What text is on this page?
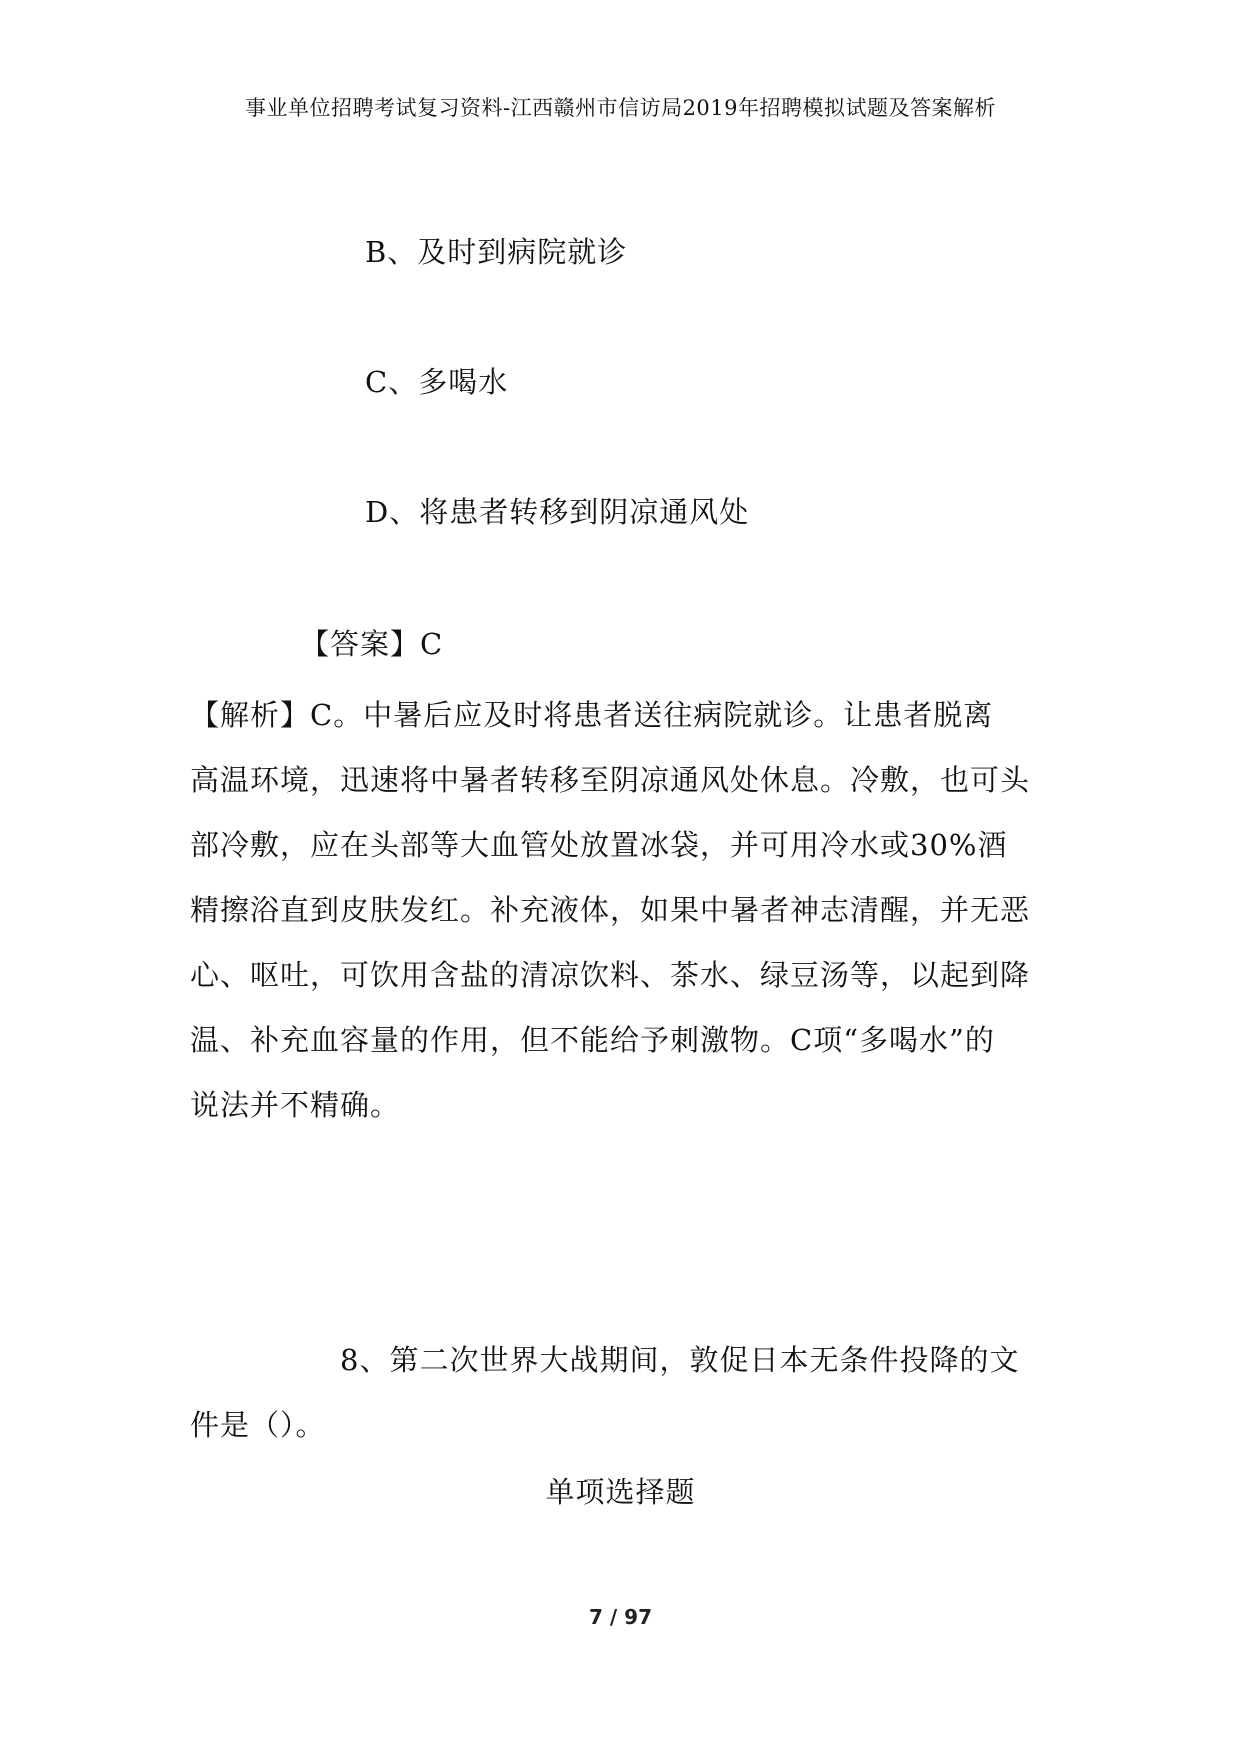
事业单位招聘考试复习资料-江西赣州市信访局2019年招聘模拟试题及答案解析
B、及时到病院就诊
C、多喝水
D、将患者转移到阴凉通风处
【答案】C
【解析】C。中暑后应及时将患者送往病院就诊。让患者脱离
高温环境，迅速将中暑者转移至阴凉通风处休息。冷敷，也可头
部冷敷，应在头部等大血管处放置冰袋，并可用冷水或30%酒
精擦浴直到皮肤发红。补充液体，如果中暑者神志清醒，并无恶
心、呕吐，可饮用含盐的清凉饮料、茶水、绿豆汤等，以起到降
温、补充血容量的作用，但不能给予刺激物。C项“多喝水”的
说法并不精确。
8、第二次世界大战期间，敦促日本无条件投降的文
件是（）。
单项选择题
7 / 97
